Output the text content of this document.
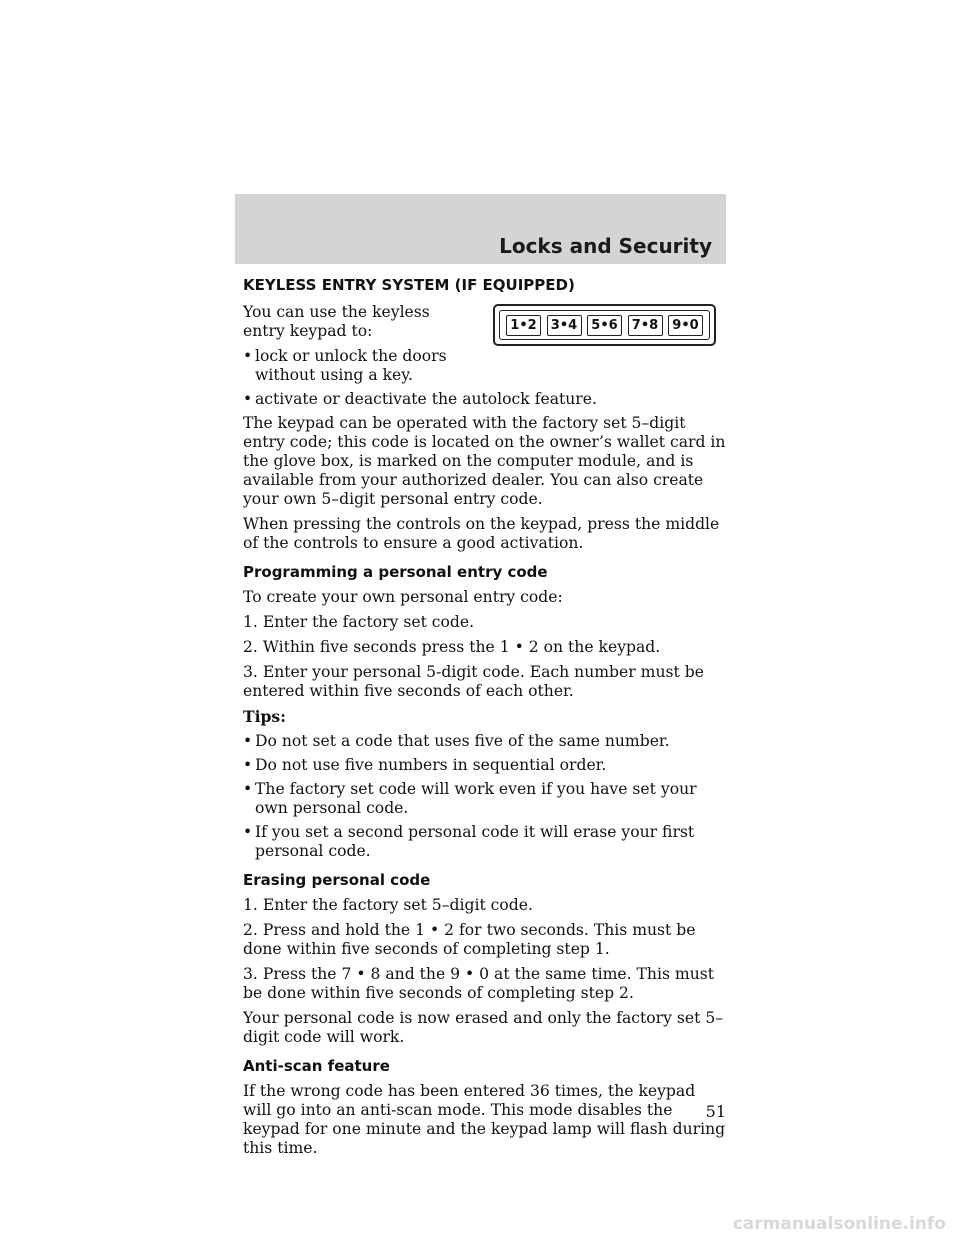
Locks and Security
1•2	3•4	5•6	7•8	9•0
KEYLESS ENTRY SYSTEM (IF EQUIPPED)

You can use the keyless entry keypad to:

• lock or unlock the doors without using a key.
• activate or deactivate the autolock feature.

The keypad can be operated with the factory set 5–digit entry code; this code is located on the owner’s wallet card in the glove box, is marked on the computer module, and is available from your authorized dealer. You can also create your own 5–digit personal entry code.

When pressing the controls on the keypad, press the middle of the controls to ensure a good activation.

Programming a personal entry code

To create your own personal entry code:

1. Enter the factory set code.

2. Within five seconds press the 1 • 2 on the keypad.

3. Enter your personal 5-digit code. Each number must be entered within five seconds of each other.

Tips:

• Do not set a code that uses five of the same number.
• Do not use five numbers in sequential order.
• The factory set code will work even if you have set your own personal code.
• If you set a second personal code it will erase your first personal code.
Erasing personal code

1. Enter the factory set 5–digit code.

2. Press and hold the 1 • 2 for two seconds. This must be done within five seconds of completing step 1.

3. Press the 7 • 8 and the 9 • 0 at the same time. This must be done within five seconds of completing step 2.

Your personal code is now erased and only the factory set 5–digit code will work.

Anti-scan feature

If the wrong code has been entered 36 times, the keypad will go into an anti-scan mode. This mode disables the keypad for one minute and the keypad lamp will flash during this time.

51
carmanualsonline.info
